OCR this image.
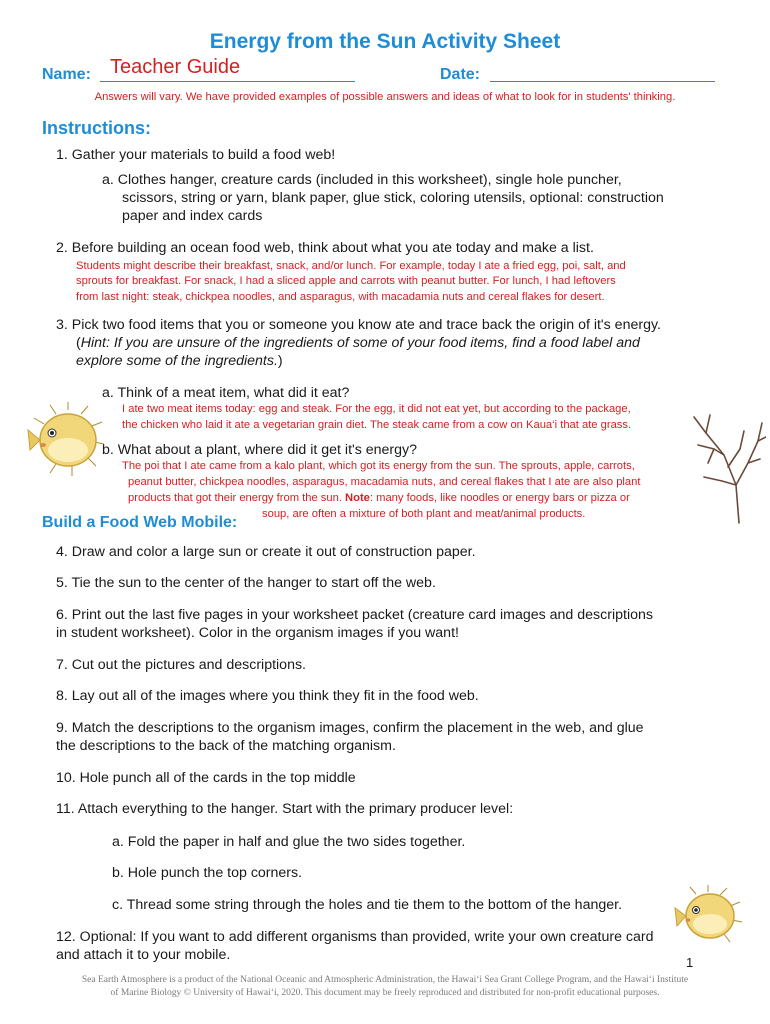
Energy from the Sun Activity Sheet
Name: Teacher Guide	Date:
Answers will vary. We have provided examples of possible answers and ideas of what to look for in students' thinking.
Instructions:
1. Gather your materials to build a food web!
a. Clothes hanger, creature cards (included in this worksheet), single hole puncher,
scissors, string or yarn, blank paper, glue stick, coloring utensils, optional: construction
paper and index cards
2. Before building an ocean food web, think about what you ate today and make a list.
Students might describe their breakfast, snack, and/or lunch. For example, today I ate a fried egg, poi, salt, and
sprouts for breakfast. For snack, I had a sliced apple and carrots with peanut butter. For lunch, I had leftovers
from last night: steak, chickpea noodles, and asparagus, with macadamia nuts and cereal flakes for desert.
3. Pick two food items that you or someone you know ate and trace back the origin of it's energy.
(Hint: If you are unsure of the ingredients of some of your food items, find a food label and
explore some of the ingredients.)
a. Think of a meat item, what did it eat?
I ate two meat items today: egg and steak. For the egg, it did not eat yet, but according to the package,
the chicken who laid it ate a vegetarian grain diet. The steak came from a cow on Kaua‘i that ate grass.
b. What about a plant, where did it get it's energy?
The poi that I ate came from a kalo plant, which got its energy from the sun. The sprouts, apple, carrots,
peanut butter, chickpea noodles, asparagus, macadamia nuts, and cereal flakes that I ate are also plant
products that got their energy from the sun. Note: many foods, like noodles or energy bars or pizza or
soup, are often a mixture of both plant and meat/animal products.
Build a Food Web Mobile:
4. Draw and color a large sun or create it out of construction paper.
5. Tie the sun to the center of the hanger to start off the web.
6. Print out the last five pages in your worksheet packet (creature card images and descriptions
in student worksheet). Color in the organism images if you want!
7. Cut out the pictures and descriptions.
8. Lay out all of the images where you think they fit in the food web.
9. Match the descriptions to the organism images, confirm the placement in the web, and glue
the descriptions to the back of the matching organism.
10. Hole punch all of the cards in the top middle
11. Attach everything to the hanger. Start with the primary producer level:
a. Fold the paper in half and glue the two sides together.
b. Hole punch the top corners.
c. Thread some string through the holes and tie them to the bottom of the hanger.
12. Optional: If you want to add different organisms than provided, write your own creature card
and attach it to your mobile.	1
Sea Earth Atmosphere is a product of the National Oceanic and Atmospheric Administration, the Hawai‘i Sea Grant College Program, and the Hawai‘i Institute
of Marine Biology © University of Hawai‘i, 2020. This document may be freely reproduced and distributed for non-profit educational purposes.
